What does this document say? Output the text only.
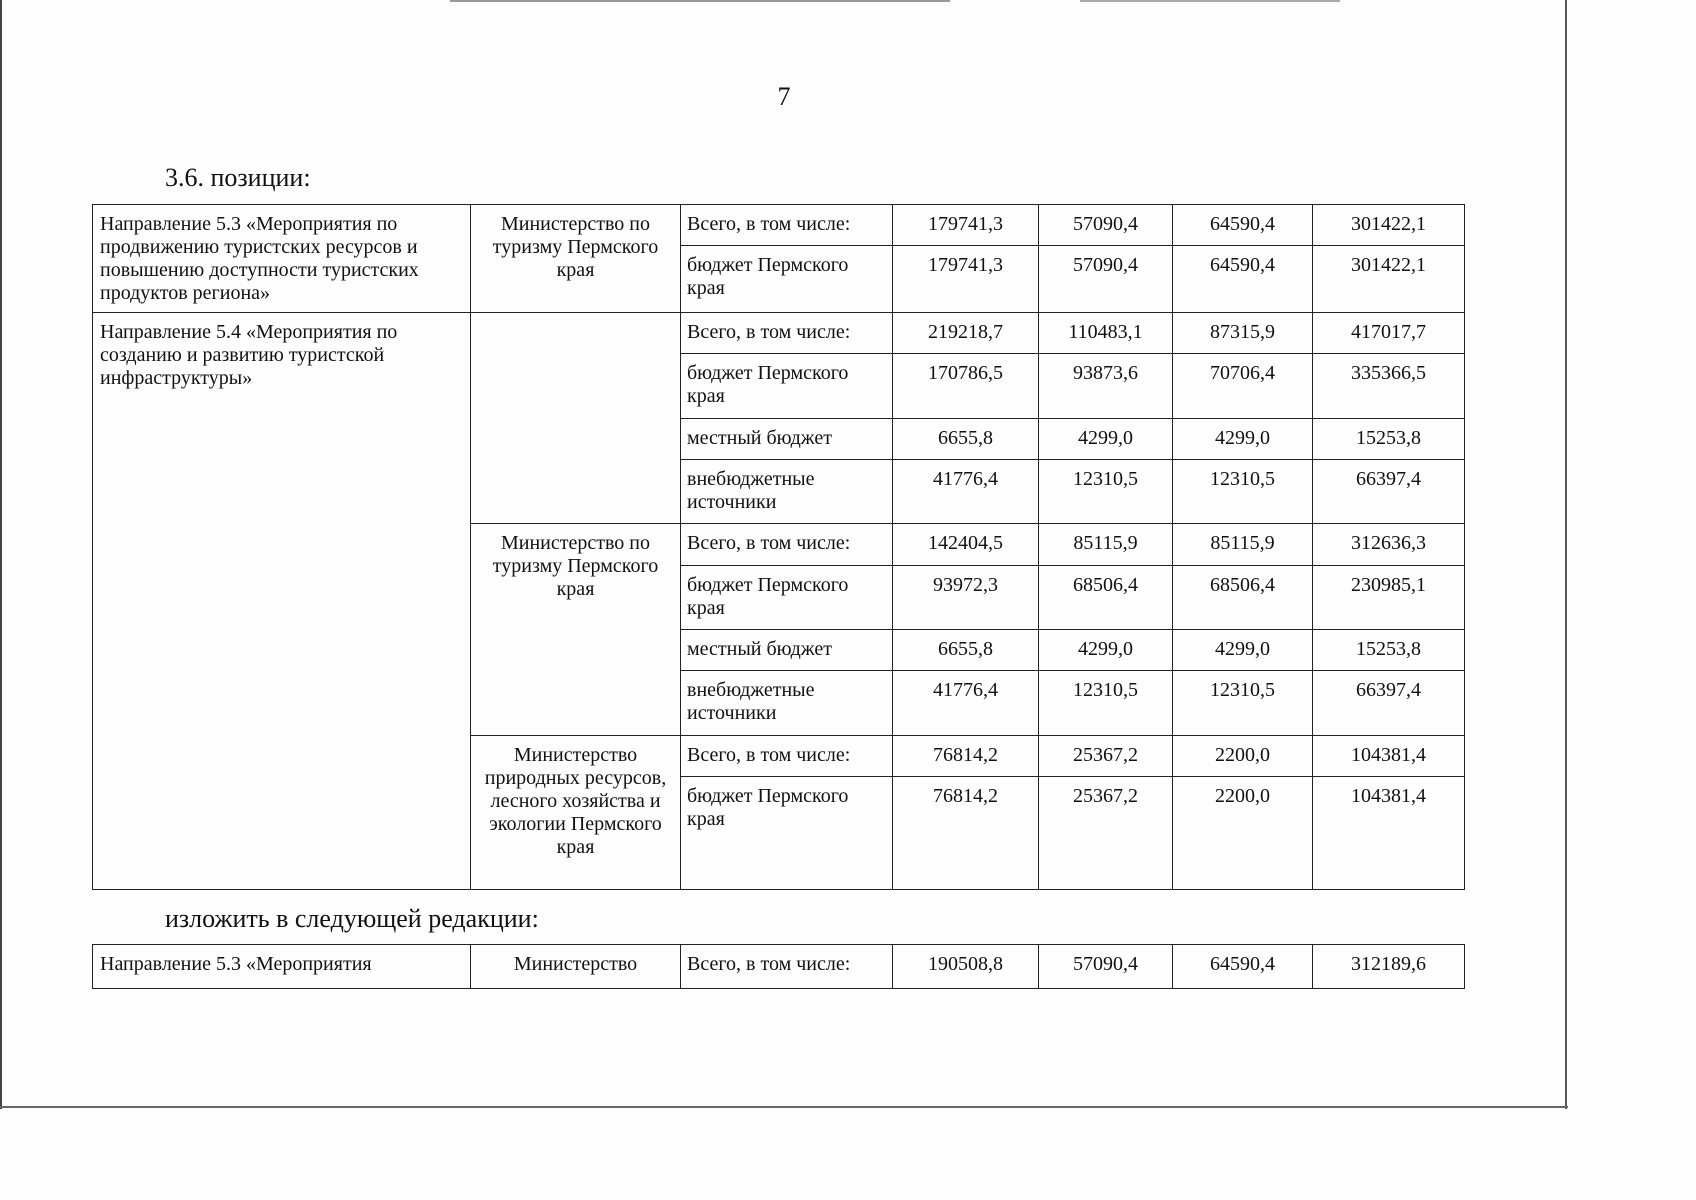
7
3.6. позиции:
Направление 5.3 «Мероприятия по продвижению туристских ресурсов и повышению доступности туристских продуктов региона»	Министерство по туризму Пермского края	Всего, в том числе:	179741,3	57090,4	64590,4	301422,1
		бюджет Пермского края	179741,3	57090,4	64590,4	301422,1
Направление 5.4 «Мероприятия по созданию и развитию туристской инфраструктуры»		Всего, в том числе:	219218,7	110483,1	87315,9	417017,7
		бюджет Пермского края	170786,5	93873,6	70706,4	335366,5
		местный бюджет	6655,8	4299,0	4299,0	15253,8
		внебюджетные источники	41776,4	12310,5	12310,5	66397,4
	Министерство по туризму Пермского края	Всего, в том числе:	142404,5	85115,9	85115,9	312636,3
		бюджет Пермского края	93972,3	68506,4	68506,4	230985,1
		местный бюджет	6655,8	4299,0	4299,0	15253,8
		внебюджетные источники	41776,4	12310,5	12310,5	66397,4
	Министерство природных ресурсов, лесного хозяйства и экологии Пермского края	Всего, в том числе:	76814,2	25367,2	2200,0	104381,4
		бюджет Пермского края	76814,2	25367,2	2200,0	104381,4
изложить в следующей редакции:
Направление 5.3 «Мероприятия	Министерство	Всего, в том числе:	190508,8	57090,4	64590,4	312189,6
